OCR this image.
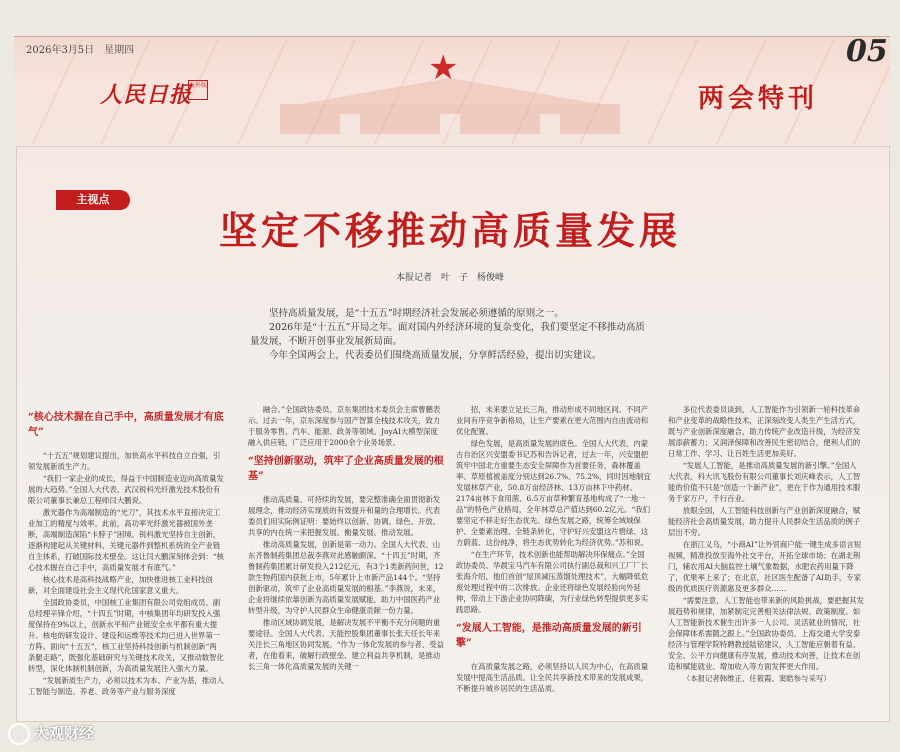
★
2026年3月5日　星期四	05
人民日报
海外版	两会特刊
主视点
坚定不移推动高质量发展
本报记者　叶　子　杨俊峰

坚持高质量发展，是“十五五”时期经济社会发展必须遵循的原则之一。

2026年是“十五五”开局之年。面对国内外经济环境的复杂变化，我们要坚定不移推动高质量发展，不断开创事业发展新局面。

今年全国两会上，代表委员们围绕高质量发展，分享鲜活经验，提出切实建议。

“核心技术握在自己手中，高质量发展才有底气”

“十五五”规划建议提出，加快高水平科技自立自强，引领发展新质生产力。

“我们一家企业的成长，得益于中国制造业迈向高质量发展的大趋势。”全国人大代表、武汉锐科光纤激光技术股份有限公司董事长兼总工程师闫大鹏说。

激光器作为高端制造的“光刀”，其技术水平直接决定工业加工的精度与效率。此前，高功率光纤激光器被国外垄断，高端制造深陷“卡脖子”困境。锐科激光坚持自主创新，逐渐构建起从关键材料、关键元器件到整机系统的全产业链自主体系，打破国际技术壁垒。这让闫大鹏深刻体会到：“核心技术握在自己手中，高质量发展才有底气。”

核心技术是高科技战略产业，加快推进核工业科技创新，对全面建设社会主义现代化国家意义重大。

全国政协委员，中国核工业集团有限公司党组成员、副总经理辛锋介绍，“十四五”时期，中核集团年均研发投入强度保持在9%以上，创新水平和产业链安全水平都有重大提升。核电的研发设计、建设和运维等技术均已进入世界第一方阵。面向“十五五”，核工业坚持科技创新与机制创新“两条腿走路”，既强化基础研究与关键技术攻关，又推动数智化转型，深化体制机制创新，为高质量发展注入强大力量。

“发展新质生产力，必须以技术为本、产业为基，推动人工智能与制造、养老、政务等产业与服务深度

融合。”全国政协委员、京东集团技术委员会主席曹鹏表示。过去一年，京东深度参与国产智算全栈技术攻关，致力于服务零售、汽车、能源、政务等领域。JoyAI大模型深度融入供应链，广泛应用于2000余个业务场景。

“坚持创新驱动，筑牢了企业高质量发展的根基”

推动高质量、可持续的发展，要完整准确全面贯彻新发展理念，推动经济实现质的有效提升和量的合理增长。代表委员们用实际例证明：要始终以创新、协调、绿色、开放、共享的内在统一来把握发展、衡量发展、推动发展。

推动高质量发展，创新是第一动力。全国人大代表、山东齐鲁制药集团总裁李燕对此感触颇深。“十四五”时期，齐鲁制药集团累计研发投入212亿元，有3个1类新药问世，12款生物药国内获批上市，5年累计上市新产品144个。“坚持创新驱动，筑牢了企业高质量发展的根基。”李燕说，未来，企业将继续依靠创新为高质量发展赋能，助力中国医药产业转型升级，为守护人民群众生命健康贡献一份力量。

推动区域协调发展，是解决发展不平衡不充分问题的重要途径。全国人大代表、天能控股集团董事长张天任长年来关注长三角地区协同发展。“作为一体化发展的参与者、受益者，在他看来，破解行政壁垒、建立利益共享机制，是推动长三角一体化高质量发展的关键一

招，未来要立足长三角，推动形成不同地区间、不同产业间有序竞争新格局，让生产要素在更大范围内自由流动和优化配置。

绿色发展，是高质量发展的底色。全国人大代表、内蒙古自治区兴安盟委书记苏和告诉记者，过去一年，兴安盟把筑牢中国北方重要生态安全屏障作为首要任务，森林覆盖率、草原植被盖度分别达到26.7%、75.2%，同时因地制宜发展林草产业，50.8万亩经济林、13万亩林下中药材、2174亩林下食用菌、6.5万亩草种繁育基地构成了“一地一品”的特色产业格局，全年林草总产值达到60.2亿元。“我们要坚定不移走好生态优先、绿色发展之路，统筹全域城保护、全要素治理、全链条转化，守护好兴安盟这片碧绿、这方蔚蓝、这份纯净，将生态优势转化为经济优势。”苏和说。

“在生产环节，技术创新也能帮助解决环保痛点。”全国政协委员、华晨宝马汽车有限公司执行副总裁和兴工厂厂长张海介绍，他们首创“屋顶减压蒸馏处理技术”，大幅降低危废处理过程中的二次排放。企业还将绿色发展经验向外延伸，带动上下游企业协同降碳，为行业绿色转型提供更多实践思路。

“发展人工智能，是推动高质量发展的新引擎”

在高质量发展之路，必须坚持以人民为中心，在高质量发展中提高生活品质。让全民共享新技术带来的发展成果，不断提升城乡居民的生活品质。

多位代表委员谈到，人工智能作为引领新一轮科技革命和产业变革的战略性技术，正深刻改变人类生产生活方式，既与产业创新深度融合，助力传统产业改造升级，为经济发展添薪蓄力；又润泽保障和改善民生密切结合，便利人们的日常工作、学习、让百姓生活更加美好。

“发展人工智能，是推动高质量发展的新引擎。”全国人大代表、科大讯飞股份有限公司董事长刘庆峰表示，人工智能的价值不只是“创造一个新产业”，更在于作为通用技术服务千家万户，千行百业。

放眼全国，人工智能科技创新与产业创新深度融合，赋能经济社会高质量发展，助力提升人民群众生活品质的例子层出不穷。

在浙江义乌，“小商AI”让外贸商户能一键生成多语言短视频，精准投放至海外社交平台，开拓全球市场；在湖北荆门，辅农用AI大脑监控土壤气象数据，水肥农药用量下降了，优果率上来了；在北京，社区医生配备了AI助手，专家级的优质医疗资源惠及更多群众……

“需要注意，人工智能也带来新的风险挑战，要把握其发展趋势和规律，加紧制定完善相关法律法规、政策制度。如人工智能新技术催生出许多一人公司、灵活就业的情况，社会保障体系需随之跟上。”全国政协委员、上海交通大学安泰经济与管理学院特聘教授陆铭建议，人工智能应朝着有益、安全、公平方向健康有序发展，推动技术向善，让技术在创造和赋能就业、增加收入等方面发挥更大作用。

（本报记者韩维正、任筱霞、窦皓参与采写）

大观财经
